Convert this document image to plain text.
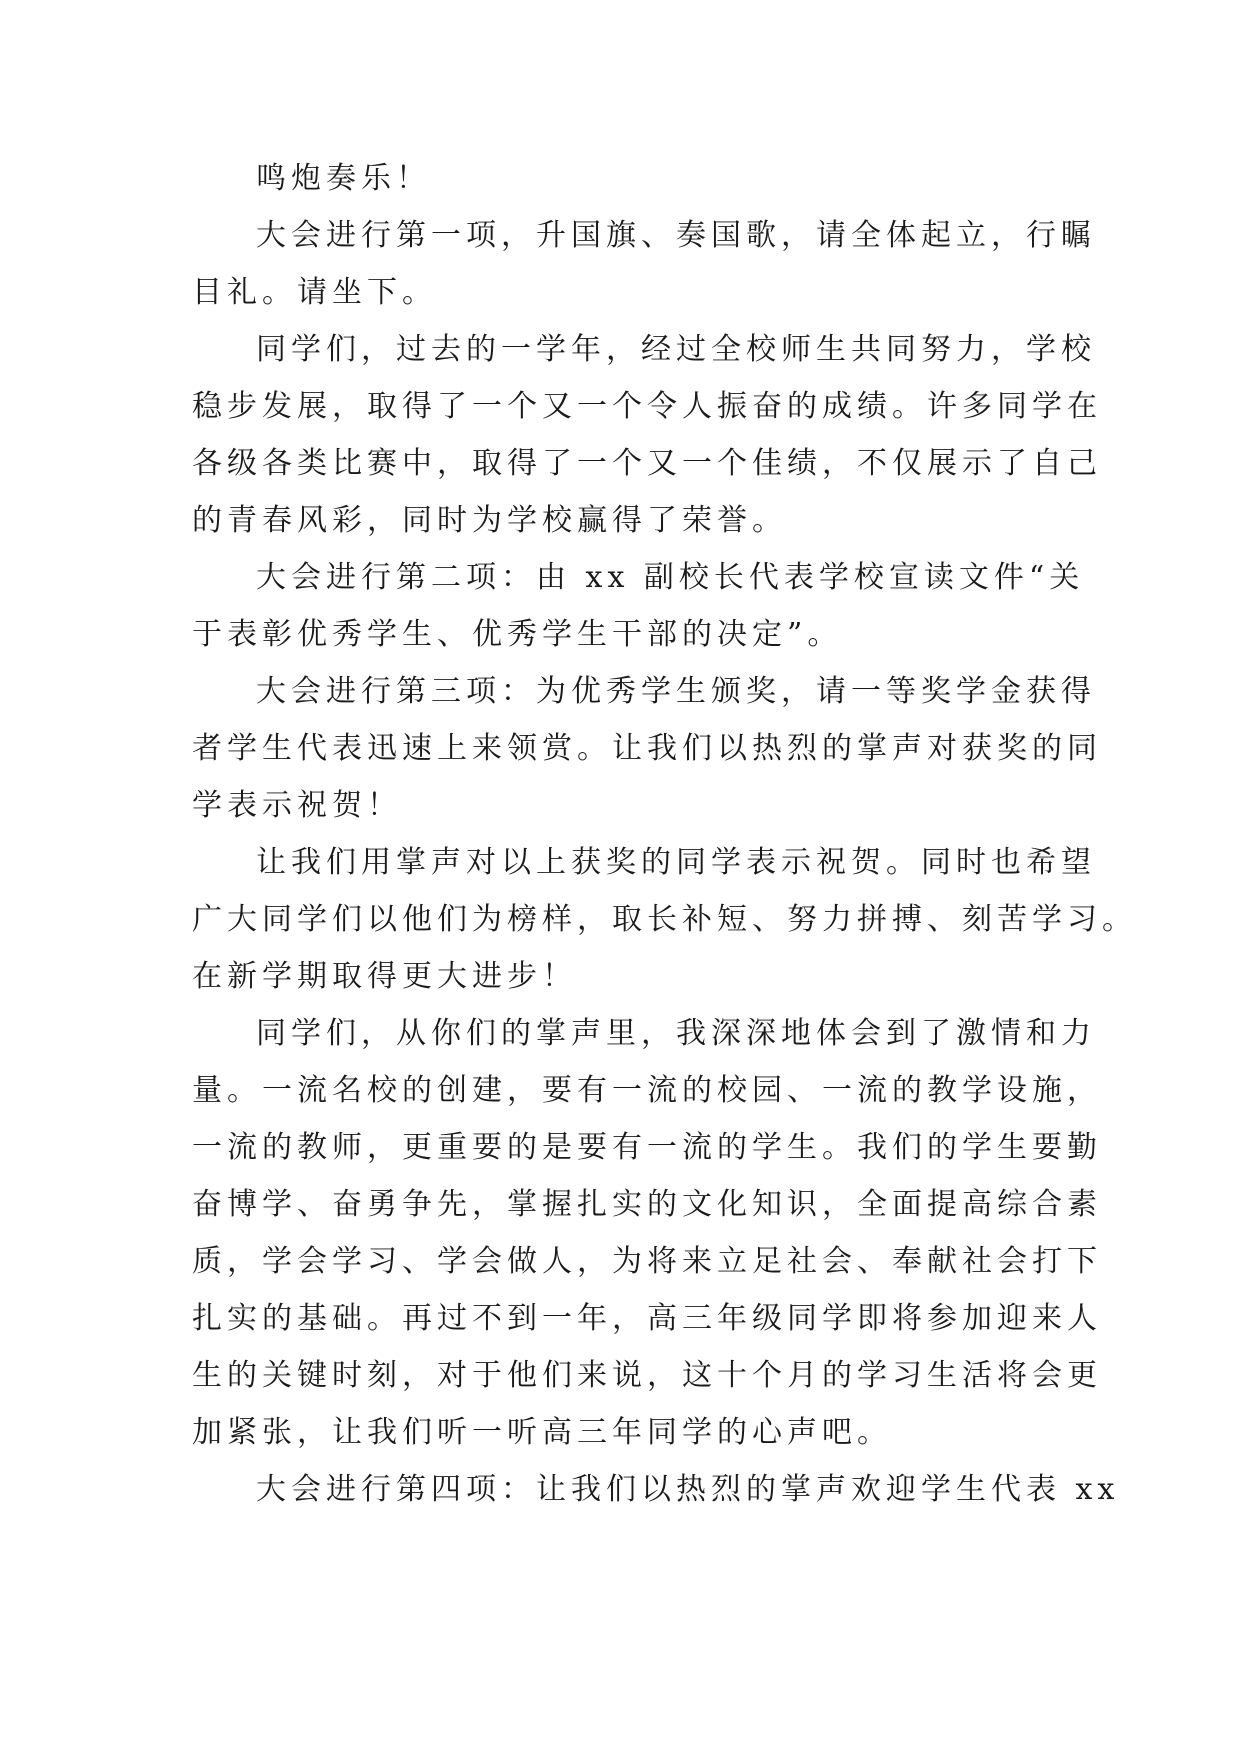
鸣炮奏乐！

大会进行第一项，升国旗、奏国歌，请全体起立，行瞩
目礼。请坐下。

同学们，过去的一学年，经过全校师生共同努力，学校
稳步发展，取得了一个又一个令人振奋的成绩。许多同学在
各级各类比赛中，取得了一个又一个佳绩，不仅展示了自己
的青春风彩，同时为学校赢得了荣誉。

大会进行第二项：由 xx 副校长代表学校宣读文件“关
于表彰优秀学生、优秀学生干部的决定”。

大会进行第三项：为优秀学生颁奖，请一等奖学金获得
者学生代表迅速上来领赏。让我们以热烈的掌声对获奖的同
学表示祝贺！

让我们用掌声对以上获奖的同学表示祝贺。同时也希望
广大同学们以他们为榜样，取长补短、努力拼搏、刻苦学习。
在新学期取得更大进步！

同学们，从你们的掌声里，我深深地体会到了激情和力
量。一流名校的创建，要有一流的校园、一流的教学设施，
一流的教师，更重要的是要有一流的学生。我们的学生要勤
奋博学、奋勇争先，掌握扎实的文化知识，全面提高综合素
质，学会学习、学会做人，为将来立足社会、奉献社会打下
扎实的基础。再过不到一年，高三年级同学即将参加迎来人
生的关键时刻，对于他们来说，这十个月的学习生活将会更
加紧张，让我们听一听高三年同学的心声吧。

大会进行第四项：让我们以热烈的掌声欢迎学生代表 xx
